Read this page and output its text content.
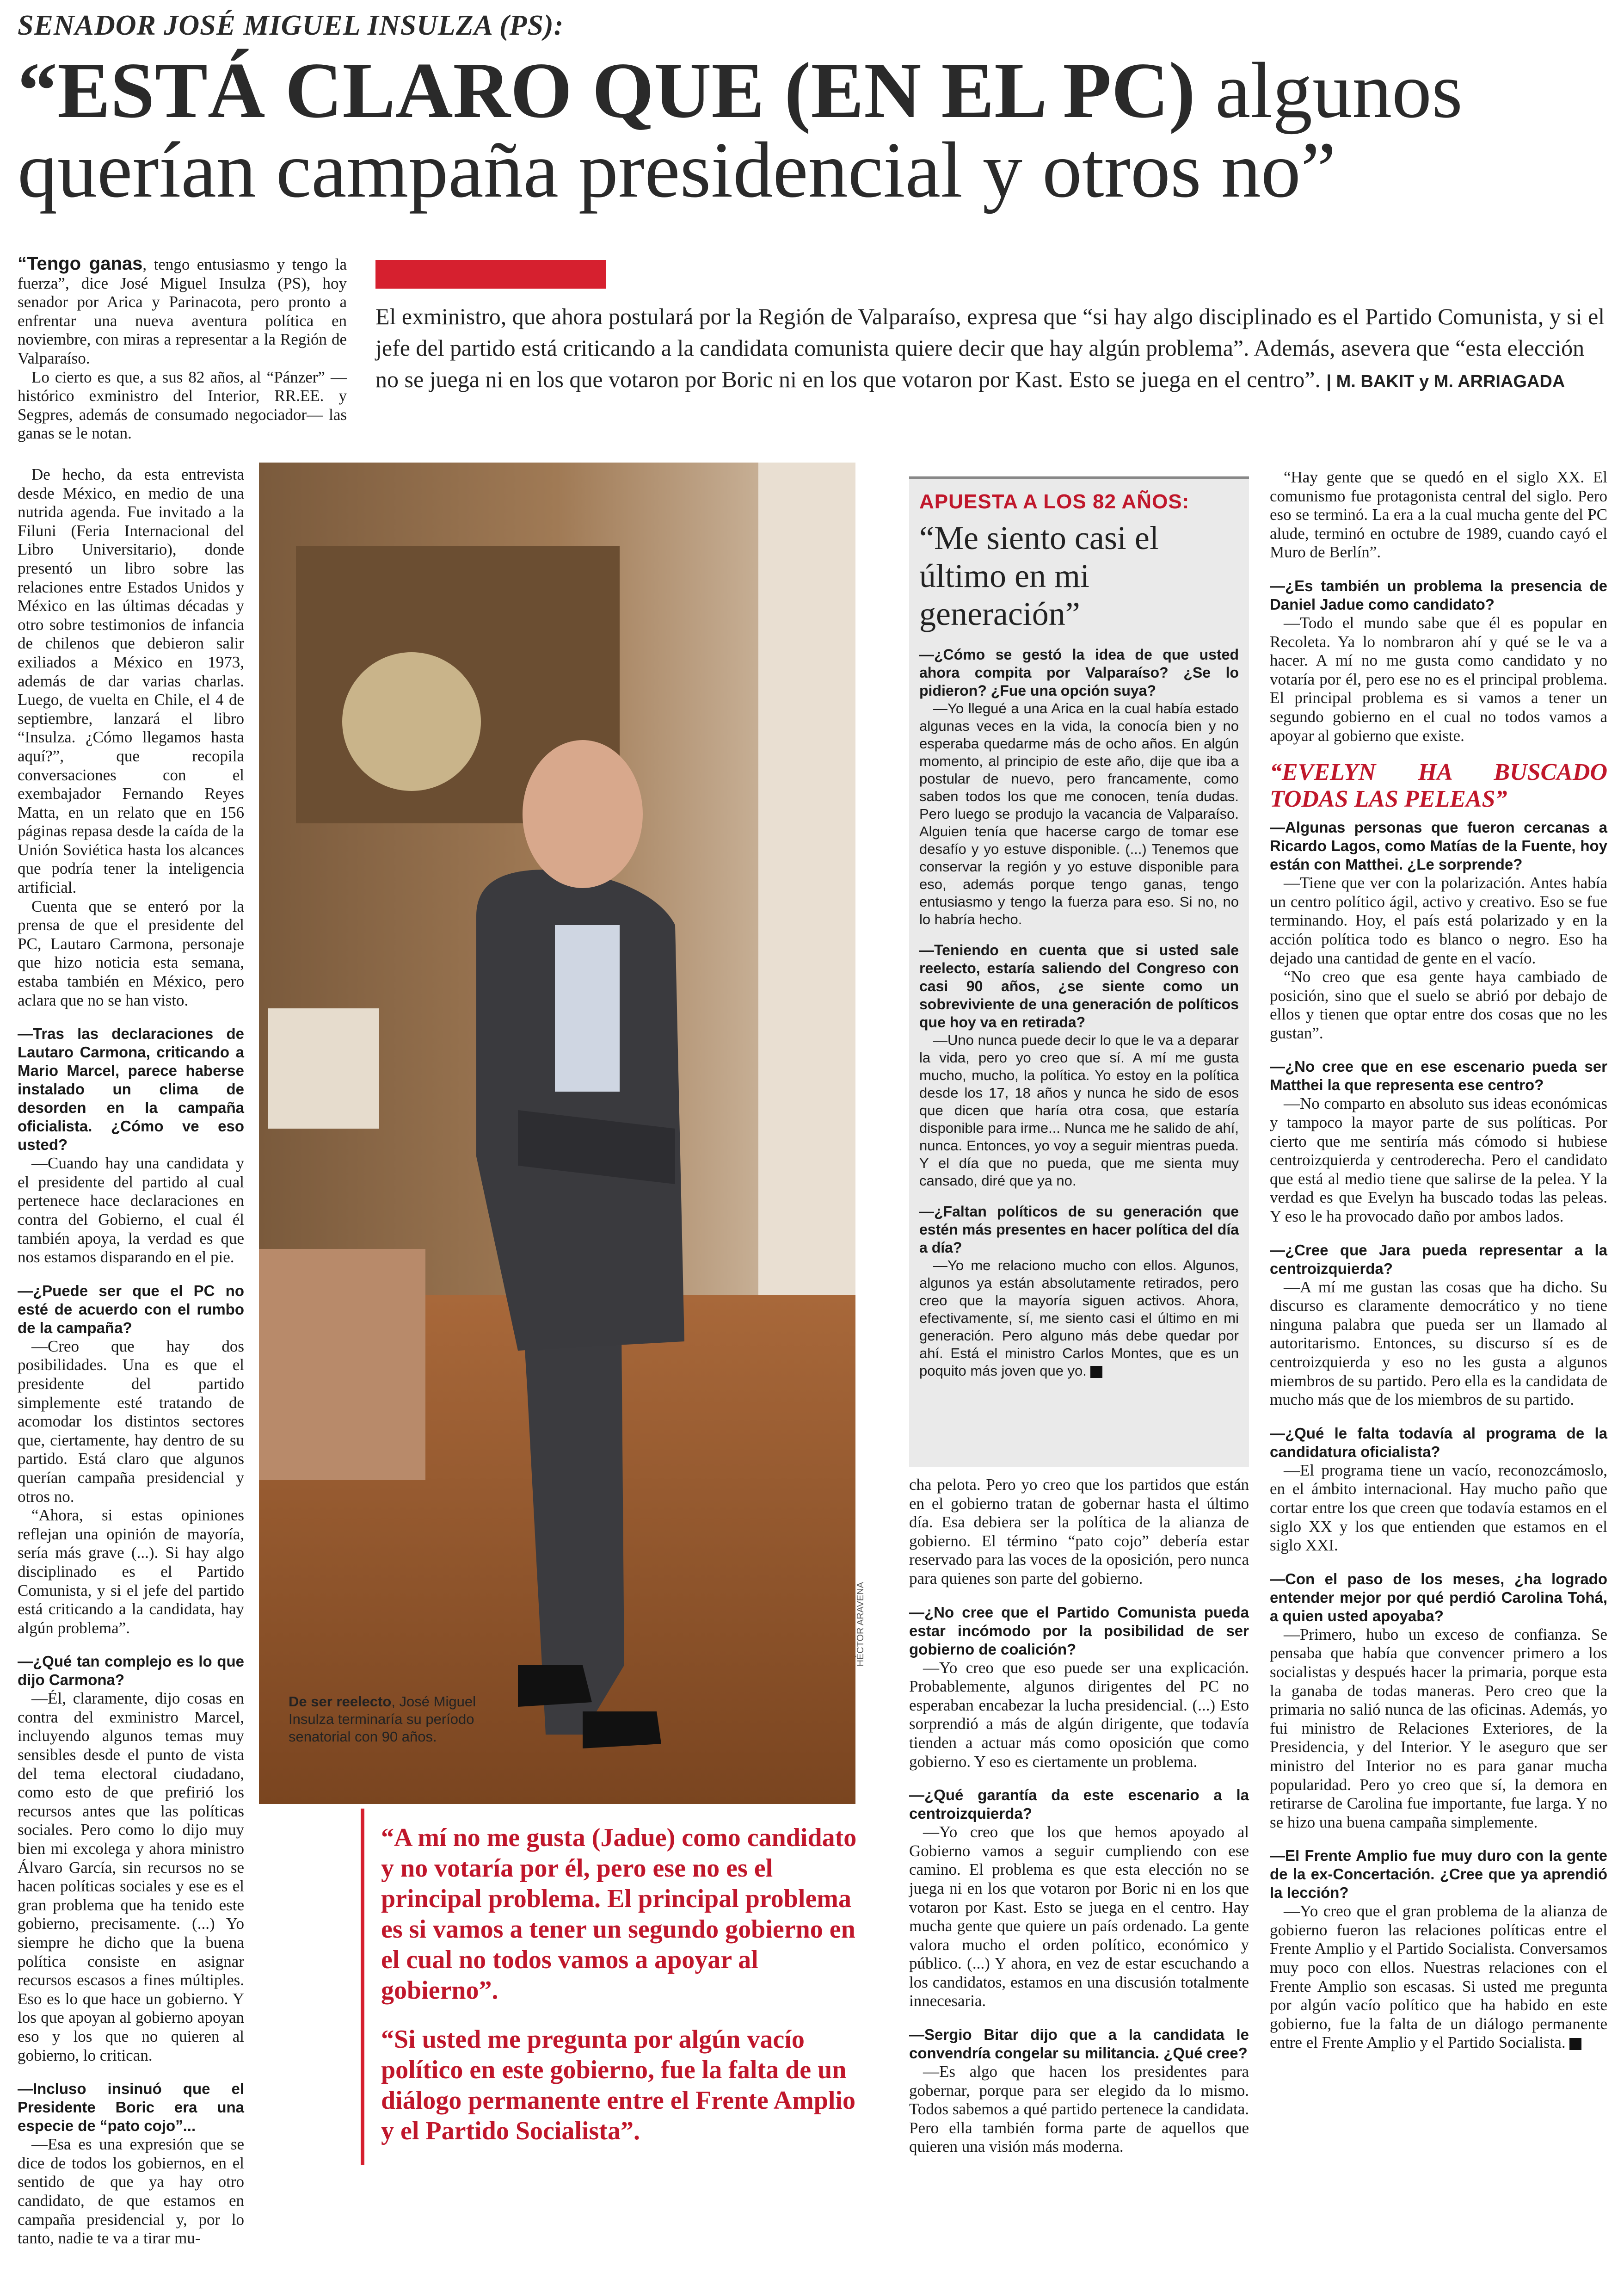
SENADOR JOSÉ MIGUEL INSULZA (PS):
“ESTÁ CLARO QUE (EN EL PC) algunos
querían campaña presidencial y otros no”
El exministro, que ahora postulará por la Región de Valparaíso, expresa que “si hay algo disciplinado es el Partido Comunista, y si el jefe del partido está criticando a la candidata comunista quiere decir que hay algún problema”. Además, asevera que “esta elección no se juega ni en los que votaron por Boric ni en los que votaron por Kast. Esto se juega en el centro”. | M. BAKIT y M. ARRIAGADA

“Tengo ganas, tengo entusiasmo y tengo la fuerza”, dice José Miguel Insulza (PS), hoy senador por Arica y Parinacota, pero pronto a enfrentar una nueva aventura política en noviembre, con miras a representar a la Región de Valparaíso.

Lo cierto es que, a sus 82 años, al “Pánzer” —histórico exministro del Interior, RR.EE. y Segpres, además de consumado negociador— las ganas se le notan.

De hecho, da esta entrevista desde México, en medio de una nutrida agenda. Fue invitado a la Filuni (Feria Internacional del Libro Universitario), donde presentó un libro sobre las relaciones entre Estados Unidos y México en las últimas décadas y otro sobre testimonios de infancia de chilenos que debieron salir exiliados a México en 1973, además de dar varias charlas. Luego, de vuelta en Chile, el 4 de septiembre, lanzará el libro “Insulza. ¿Cómo llegamos hasta aquí?”, que recopila conversaciones con el exembajador Fernando Reyes Matta, en un relato que en 156 páginas repasa desde la caída de la Unión Soviética hasta los alcances que podría tener la inteligencia artificial.

Cuenta que se enteró por la prensa de que el presidente del PC, Lautaro Carmona, personaje que hizo noticia esta semana, estaba también en México, pero aclara que no se han visto.

—Tras las declaraciones de Lautaro Carmona, criticando a Mario Marcel, parece haberse instalado un clima de desorden en la campaña oficialista. ¿Cómo ve eso usted?

—Cuando hay una candidata y el presidente del partido al cual pertenece hace declaraciones en contra del Gobierno, el cual él también apoya, la verdad es que nos estamos disparando en el pie.

—¿Puede ser que el PC no esté de acuerdo con el rumbo de la campaña?

—Creo que hay dos posibilidades. Una es que el presidente del partido simplemente esté tratando de acomodar los distintos sectores que, ciertamente, hay dentro de su partido. Está claro que algunos querían campaña presidencial y otros no.

“Ahora, si estas opiniones reflejan una opinión de mayoría, sería más grave (...). Si hay algo disciplinado es el Partido Comunista, y si el jefe del partido está criticando a la candidata, hay algún problema”.

—¿Qué tan complejo es lo que dijo Carmona?

—Él, claramente, dijo cosas en contra del exministro Marcel, incluyendo algunos temas muy sensibles desde el punto de vista del tema electoral ciudadano, como esto de que prefirió los recursos antes que las políticas sociales. Pero como lo dijo muy bien mi excolega y ahora ministro Álvaro García, sin recursos no se hacen políticas sociales y ese es el gran problema que ha tenido este gobierno, precisamente. (...) Yo siempre he dicho que la buena política consiste en asignar recursos escasos a fines múltiples. Eso es lo que hace un gobierno. Y los que apoyan al gobierno apoyan eso y los que no quieren al gobierno, lo critican.

—Incluso insinuó que el Presidente Boric era una especie de “pato cojo”...

—Esa es una expresión que se dice de todos los gobiernos, en el sentido de que ya hay otro candidato, de que estamos en campaña presidencial y, por lo tanto, nadie te va a tirar mu-

De ser reelecto, José Miguel Insulza terminaría su período senatorial con 90 años.
HÉCTOR ARAVENA
“A mí no me gusta (Jadue) como candidato y no votaría por él, pero ese no es el principal problema. El principal problema es si vamos a tener un segundo gobierno en el cual no todos vamos a apoyar al gobierno”.
“Si usted me pregunta por algún vacío político en este gobierno, fue la falta de un diálogo permanente entre el Frente Amplio y el Partido Socialista”.
APUESTA A LOS 82 AÑOS:
“Me siento casi el último en mi generación”

—¿Cómo se gestó la idea de que usted ahora compita por Valparaíso? ¿Se lo pidieron? ¿Fue una opción suya?

—Yo llegué a una Arica en la cual había estado algunas veces en la vida, la conocía bien y no esperaba quedarme más de ocho años. En algún momento, al principio de este año, dije que iba a postular de nuevo, pero francamente, como saben todos los que me conocen, tenía dudas. Pero luego se produjo la vacancia de Valparaíso. Alguien tenía que hacerse cargo de tomar ese desafío y yo estuve disponible. (...) Tenemos que conservar la región y yo estuve disponible para eso, además porque tengo ganas, tengo entusiasmo y tengo la fuerza para eso. Si no, no lo habría hecho.

—Teniendo en cuenta que si usted sale reelecto, estaría saliendo del Congreso con casi 90 años, ¿se siente como un sobreviviente de una generación de políticos que hoy va en retirada?

—Uno nunca puede decir lo que le va a deparar la vida, pero yo creo que sí. A mí me gusta mucho, mucho, la política. Yo estoy en la política desde los 17, 18 años y nunca he sido de esos que dicen que haría otra cosa, que estaría disponible para irme... Nunca me he salido de ahí, nunca. Entonces, yo voy a seguir mientras pueda. Y el día que no pueda, que me sienta muy cansado, diré que ya no.

—¿Faltan políticos de su generación que estén más presentes en hacer política del día a día?

—Yo me relaciono mucho con ellos. Algunos, algunos ya están absolutamente retirados, pero creo que la mayoría siguen activos. Ahora, efectivamente, sí, me siento casi el último en mi generación. Pero alguno más debe quedar por ahí. Está el ministro Carlos Montes, que es un poquito más joven que yo.

cha pelota. Pero yo creo que los partidos que están en el gobierno tratan de gobernar hasta el último día. Esa debiera ser la política de la alianza de gobierno. El término “pato cojo” debería estar reservado para las voces de la oposición, pero nunca para quienes son parte del gobierno.

—¿No cree que el Partido Comunista pueda estar incómodo por la posibilidad de ser gobierno de coalición?

—Yo creo que eso puede ser una explicación. Probablemente, algunos dirigentes del PC no esperaban encabezar la lucha presidencial. (...) Esto sorprendió a más de algún dirigente, que todavía tienden a actuar más como oposición que como gobierno. Y eso es ciertamente un problema.

—¿Qué garantía da este escenario a la centroizquierda?

—Yo creo que los que hemos apoyado al Gobierno vamos a seguir cumpliendo con ese camino. El problema es que esta elección no se juega ni en los que votaron por Boric ni en los que votaron por Kast. Esto se juega en el centro. Hay mucha gente que quiere un país ordenado. La gente valora mucho el orden político, económico y público. (...) Y ahora, en vez de estar escuchando a los candidatos, estamos en una discusión totalmente innecesaria.

—Sergio Bitar dijo que a la candidata le convendría congelar su militancia. ¿Qué cree?

—Es algo que hacen los presidentes para gobernar, porque para ser elegido da lo mismo. Todos sabemos a qué partido pertenece la candidata. Pero ella también forma parte de aquellos que quieren una visión más moderna.

“Hay gente que se quedó en el siglo XX. El comunismo fue protagonista central del siglo. Pero eso se terminó. La era a la cual mucha gente del PC alude, terminó en octubre de 1989, cuando cayó el Muro de Berlín”.

—¿Es también un problema la presencia de Daniel Jadue como candidato?

—Todo el mundo sabe que él es popular en Recoleta. Ya lo nombraron ahí y qué se le va a hacer. A mí no me gusta como candidato y no votaría por él, pero ese no es el principal problema. El principal problema es si vamos a tener un segundo gobierno en el cual no todos vamos a apoyar al gobierno que existe.

“EVELYN HA BUSCADO TODAS LAS PELEAS”

—Algunas personas que fueron cercanas a Ricardo Lagos, como Matías de la Fuente, hoy están con Matthei. ¿Le sorprende?

—Tiene que ver con la polarización. Antes había un centro político ágil, activo y creativo. Eso se fue terminando. Hoy, el país está polarizado y en la acción política todo es blanco o negro. Eso ha dejado una cantidad de gente en el vacío.

“No creo que esa gente haya cambiado de posición, sino que el suelo se abrió por debajo de ellos y tienen que optar entre dos cosas que no les gustan”.

—¿No cree que en ese escenario pueda ser Matthei la que representa ese centro?

—No comparto en absoluto sus ideas económicas y tampoco la mayor parte de sus políticas. Por cierto que me sentiría más cómodo si hubiese centroizquierda y centroderecha. Pero el candidato que está al medio tiene que salirse de la pelea. Y la verdad es que Evelyn ha buscado todas las peleas. Y eso le ha provocado daño por ambos lados.

—¿Cree que Jara pueda representar a la centroizquierda?

—A mí me gustan las cosas que ha dicho. Su discurso es claramente democrático y no tiene ninguna palabra que pueda ser un llamado al autoritarismo. Entonces, su discurso sí es de centroizquierda y eso no les gusta a algunos miembros de su partido. Pero ella es la candidata de mucho más que de los miembros de su partido.

—¿Qué le falta todavía al programa de la candidatura oficialista?

—El programa tiene un vacío, reconozcámoslo, en el ámbito internacional. Hay mucho paño que cortar entre los que creen que todavía estamos en el siglo XX y los que entienden que estamos en el siglo XXI.

—Con el paso de los meses, ¿ha logrado entender mejor por qué perdió Carolina Tohá, a quien usted apoyaba?

—Primero, hubo un exceso de confianza. Se pensaba que había que convencer primero a los socialistas y después hacer la primaria, porque esta la ganaba de todas maneras. Pero creo que la primaria no salió nunca de las oficinas. Además, yo fui ministro de Relaciones Exteriores, de la Presidencia, y del Interior. Y le aseguro que ser ministro del Interior no es para ganar mucha popularidad. Pero yo creo que sí, la demora en retirarse de Carolina fue importante, fue larga. Y no se hizo una buena campaña simplemente.

—El Frente Amplio fue muy duro con la gente de la ex-Concertación. ¿Cree que ya aprendió la lección?

—Yo creo que el gran problema de la alianza de gobierno fueron las relaciones políticas entre el Frente Amplio y el Partido Socialista. Conversamos muy poco con ellos. Nuestras relaciones con el Frente Amplio son escasas. Si usted me pregunta por algún vacío político que ha habido en este gobierno, fue la falta de un diálogo permanente entre el Frente Amplio y el Partido Socialista.
